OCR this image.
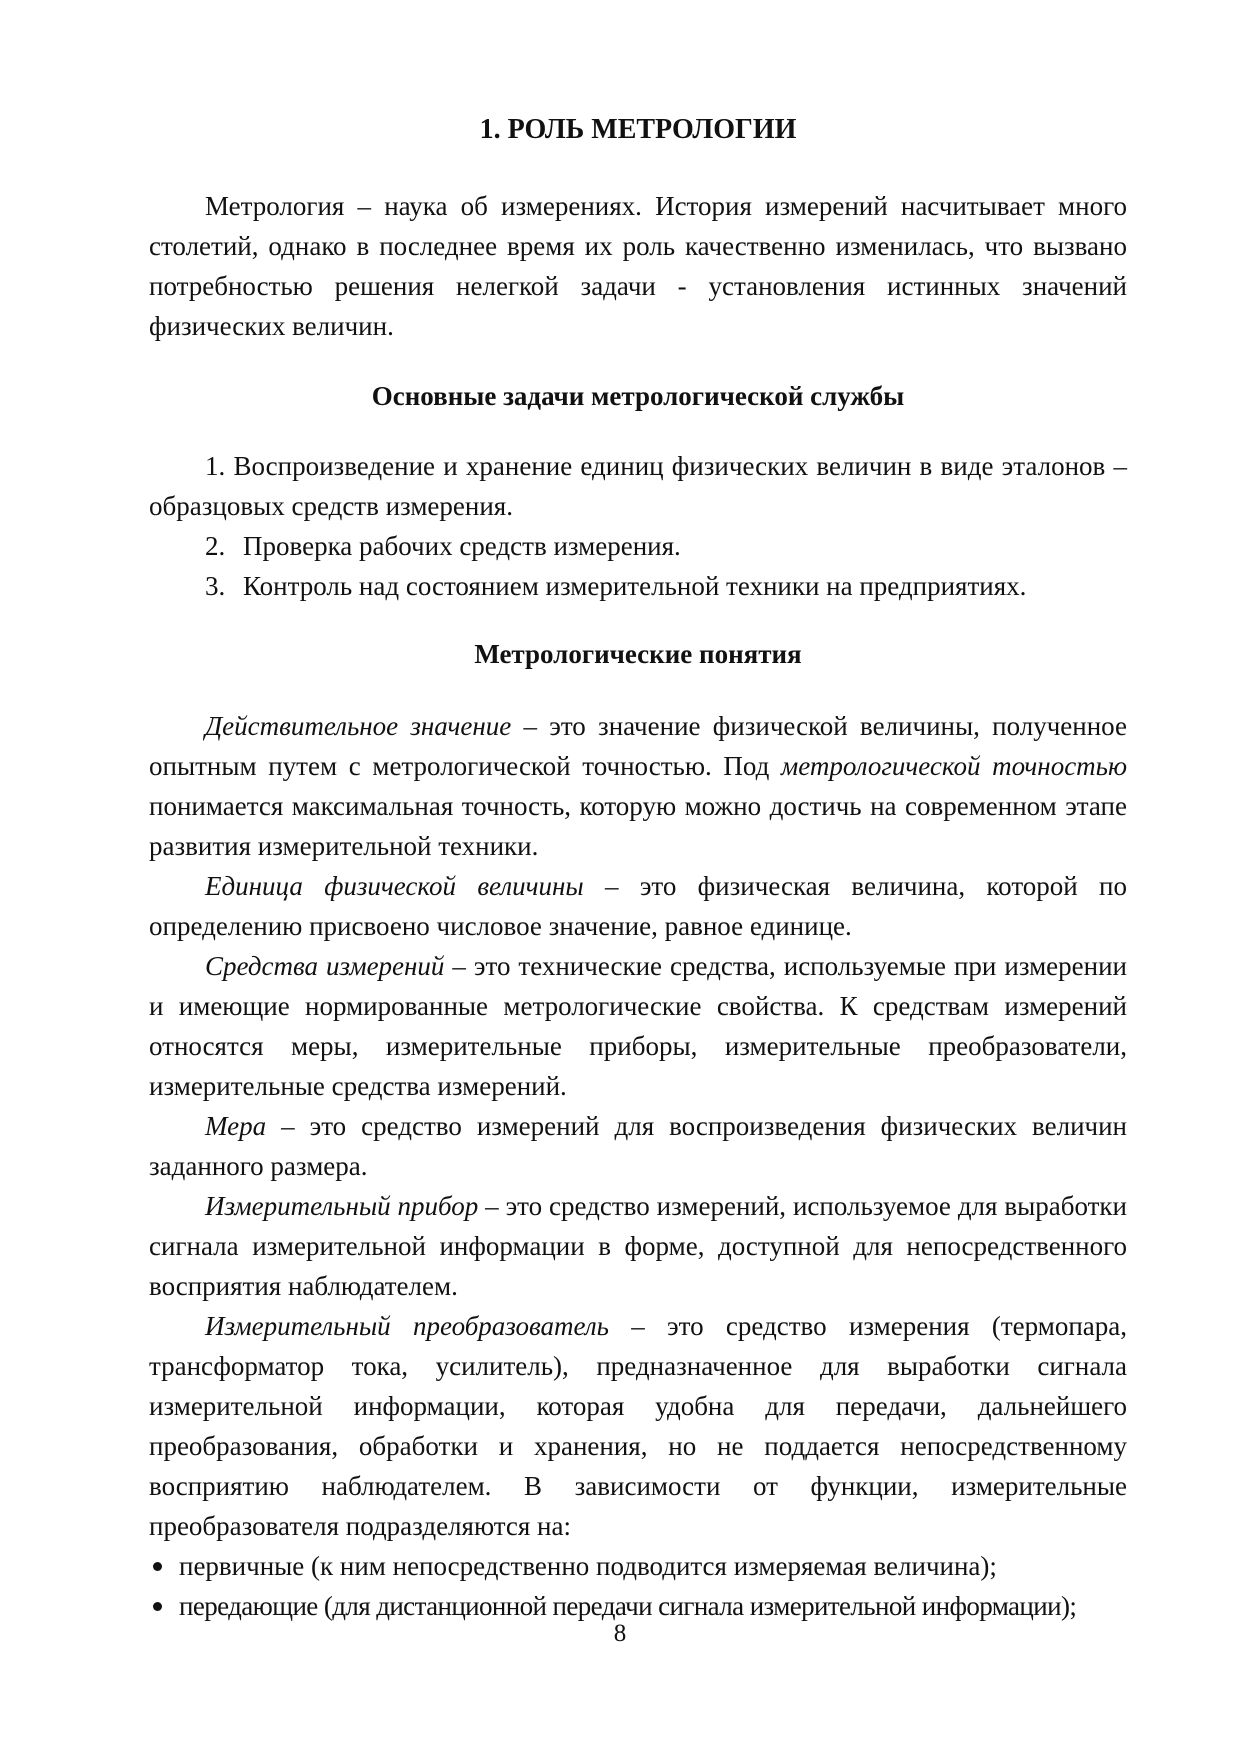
1. РОЛЬ МЕТРОЛОГИИ

Метрология – наука об измерениях. История измерений насчитывает много столетий, однако в последнее время их роль качественно изменилась, что вызвано потребностью решения нелегкой задачи - установления истинных значений физических величин.

Основные задачи метрологической службы
1. Воспроизведение и хранение единиц физических величин в виде эталонов – образцовых средств измерения.
2. Проверка рабочих средств измерения.
3. Контроль над состоянием измерительной техники на предприятиях.
Метрологические понятия

Действительное значение – это значение физической величины, полученное опытным путем с метрологической точностью. Под метрологической точностью понимается максимальная точность, которую можно достичь на современном этапе развития измерительной техники.

Единица физической величины – это физическая величина, которой по определению присвоено числовое значение, равное единице.

Средства измерений – это технические средства, используемые при измерении и имеющие нормированные метрологические свойства. К средствам измерений относятся меры, измерительные приборы, измерительные преобразователи, измерительные средства измерений.

Мера – это средство измерений для воспроизведения физических величин заданного размера.

Измерительный прибор – это средство измерений, используемое для выработки сигнала измерительной информации в форме, доступной для непосредственного восприятия наблюдателем.

Измерительный преобразователь – это средство измерения (термопара, трансформатор тока, усилитель), предназначенное для выработки сигнала измерительной информации, которая удобна для передачи, дальнейшего преобразования, обработки и хранения, но не поддается непосредственному восприятию наблюдателем. В зависимости от функции, измерительные преобразователя подразделяются на:

первичные (к ним непосредственно подводится измеряемая величина);
передающие (для дистанционной передачи сигнала измерительной информации);
8
